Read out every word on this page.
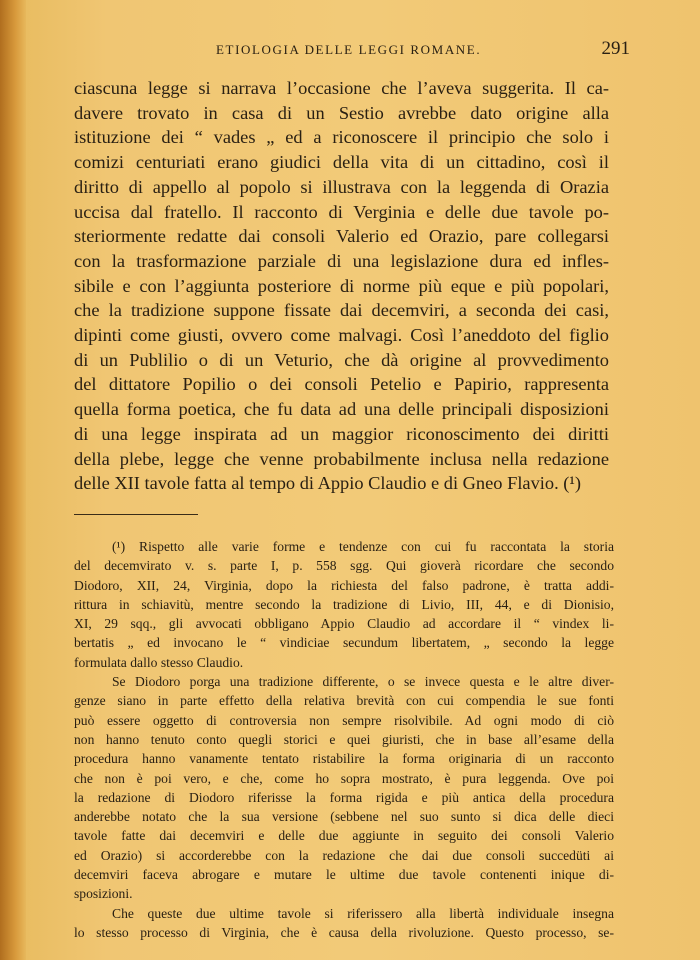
ETIOLOGIA DELLE LEGGI ROMANE.	291
ciascuna legge si narrava l’occasione che l’aveva suggerita. Il ca-
davere trovato in casa di un Sestio avrebbe dato origine alla
istituzione dei “ vades „ ed a riconoscere il principio che solo i
comizi centuriati erano giudici della vita di un cittadino, così il
diritto di appello al popolo si illustrava con la leggenda di Orazia
uccisa dal fratello. Il racconto di Verginia e delle due tavole po-
steriormente redatte dai consoli Valerio ed Orazio, pare collegarsi
con la trasformazione parziale di una legislazione dura ed infles-
sibile e con l’aggiunta posteriore di norme più eque e più popolari,
che la tradizione suppone fissate dai decemviri, a seconda dei casi,
dipinti come giusti, ovvero come malvagi. Così l’aneddoto del figlio
di un Publilio o di un Veturio, che dà origine al provvedimento
del dittatore Popilio o dei consoli Petelio e Papirio, rappresenta
quella forma poetica, che fu data ad una delle principali disposizioni
di una legge inspirata ad un maggior riconoscimento dei diritti
della plebe, legge che venne probabilmente inclusa nella redazione
delle XII tavole fatta al tempo di Appio Claudio e di Gneo Flavio. (¹)
(¹) Rispetto alle varie forme e tendenze con cui fu raccontata la storia
del decemvirato v. s. parte I, p. 558 sgg. Qui gioverà ricordare che secondo
Diodoro, XII, 24, Virginia, dopo la richiesta del falso padrone, è tratta addi-
rittura in schiavitù, mentre secondo la tradizione di Livio, III, 44, e di Dionisio,
XI, 29 sqq., gli avvocati obbligano Appio Claudio ad accordare il “ vindex li-
bertatis „ ed invocano le “ vindiciae secundum libertatem, „ secondo la legge
formulata dallo stesso Claudio.
Se Diodoro porga una tradizione differente, o se invece questa e le altre diver-
genze siano in parte effetto della relativa brevità con cui compendia le sue fonti
può essere oggetto di controversia non sempre risolvibile. Ad ogni modo di ciò
non hanno tenuto conto quegli storici e quei giuristi, che in base all’esame della
procedura hanno vanamente tentato ristabilire la forma originaria di un racconto
che non è poi vero, e che, come ho sopra mostrato, è pura leggenda. Ove poi
la redazione di Diodoro riferisse la forma rigida e più antica della procedura
anderebbe notato che la sua versione (sebbene nel suo sunto si dica delle dieci
tavole fatte dai decemviri e delle due aggiunte in seguito dei consoli Valerio
ed Orazio) si accorderebbe con la redazione che dai due consoli succedüti ai
decemviri faceva abrogare e mutare le ultime due tavole contenenti inique di-
sposizioni.
Che queste due ultime tavole si riferissero alla libertà individuale insegna
lo stesso processo di Virginia, che è causa della rivoluzione. Questo processo, se-
